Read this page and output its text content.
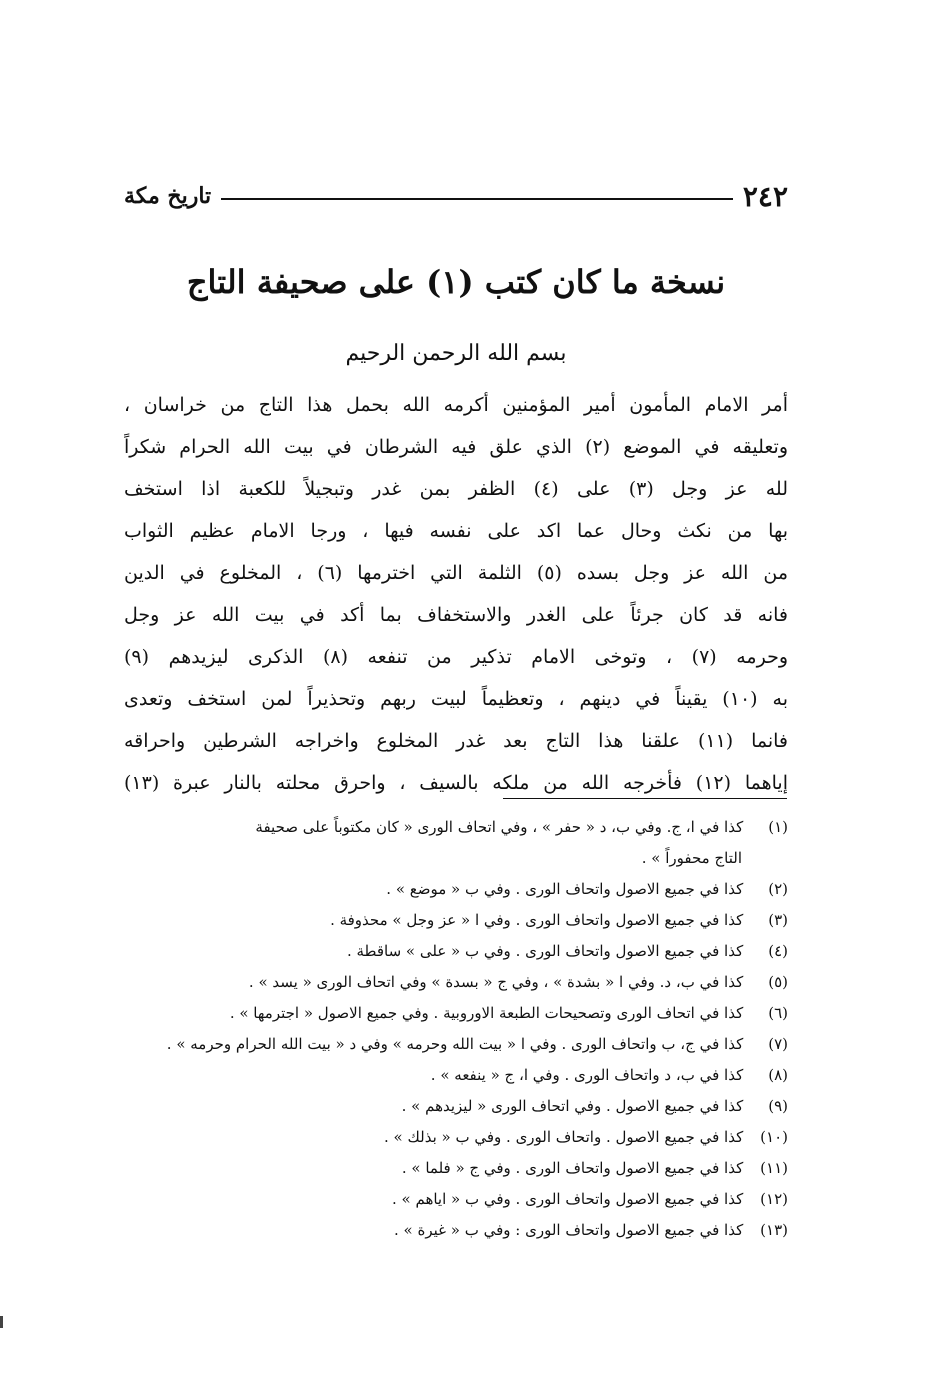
٢٤٢
تاريخ مكة
نسخة ما كان كتب (١) على صحيفة التاج
بسم الله الرحمن الرحيم
أمر الامام المأمون أمير المؤمنين أكرمه الله بحمل هذا التاج من خراسان ،
وتعليقه في الموضع (٢) الذي علق فيه الشرطان في بيت الله الحرام شكراً
لله عز وجل (٣) على (٤) الظفر بمن غدر وتبجيلاً للكعبة اذا استخف
بها من نكث وحال عما اكد على نفسه فيها ، ورجا الامام عظيم الثواب
من الله عز وجل بسده (٥) الثلمة التي اخترمها (٦) ، المخلوع في الدين
فانه قد كان جرئاً على الغدر والاستخفاف بما أكد في بيت الله عز وجل
وحرمه (٧) ، وتوخى الامام تذكير من تنفعه (٨) الذكرى ليزيدهم (٩)
به (١٠) يقيناً في دينهم ، وتعظيماً لبيت ربهم وتحذيراً لمن استخف وتعدى
فانما (١١) علقنا هذا التاج بعد غدر المخلوع واخراجه الشرطين واحراقه
إياهما (١٢) فأخرجه الله من ملكه بالسيف ، واحرق محلته بالنار عبرة (١٣)
(١) كذا في ا، ج. وفي ب، د « حفر » ، وفي اتحاف الورى « كان مكتوباً على صحيفة
التاج محفوراً » .
(٢) كذا في جميع الاصول واتحاف الورى . وفي ب « موضع » .
(٣) كذا في جميع الاصول واتحاف الورى . وفي ا « عز وجل » محذوفة .
(٤) كذا في جميع الاصول واتحاف الورى . وفي ب « على » ساقطة .
(٥) كذا في ب، د. وفي ا « بشدة » ، وفي ج « بسدة » وفي اتحاف الورى « يسد » .
(٦) كذا في اتحاف الورى وتصحيحات الطبعة الاوروبية . وفي جميع الاصول « اجترمها » .
(٧) كذا في ج، ب واتحاف الورى . وفي ا « بيت الله وحرمه » وفي د « بيت الله الحرام وحرمه » .
(٨) كذا في ب، د واتحاف الورى . وفي ا، ج « ينفعه » .
(٩) كذا في جميع الاصول . وفي اتحاف الورى « ليزيدهم » .
(١٠) كذا في جميع الاصول . واتحاف الورى . وفي ب « بذلك » .
(١١) كذا في جميع الاصول واتحاف الورى . وفي ج « فلما » .
(١٢) كذا في جميع الاصول واتحاف الورى . وفي ب « اياهم » .
(١٣) كذا في جميع الاصول واتحاف الورى : وفي ب « غيرة » .
